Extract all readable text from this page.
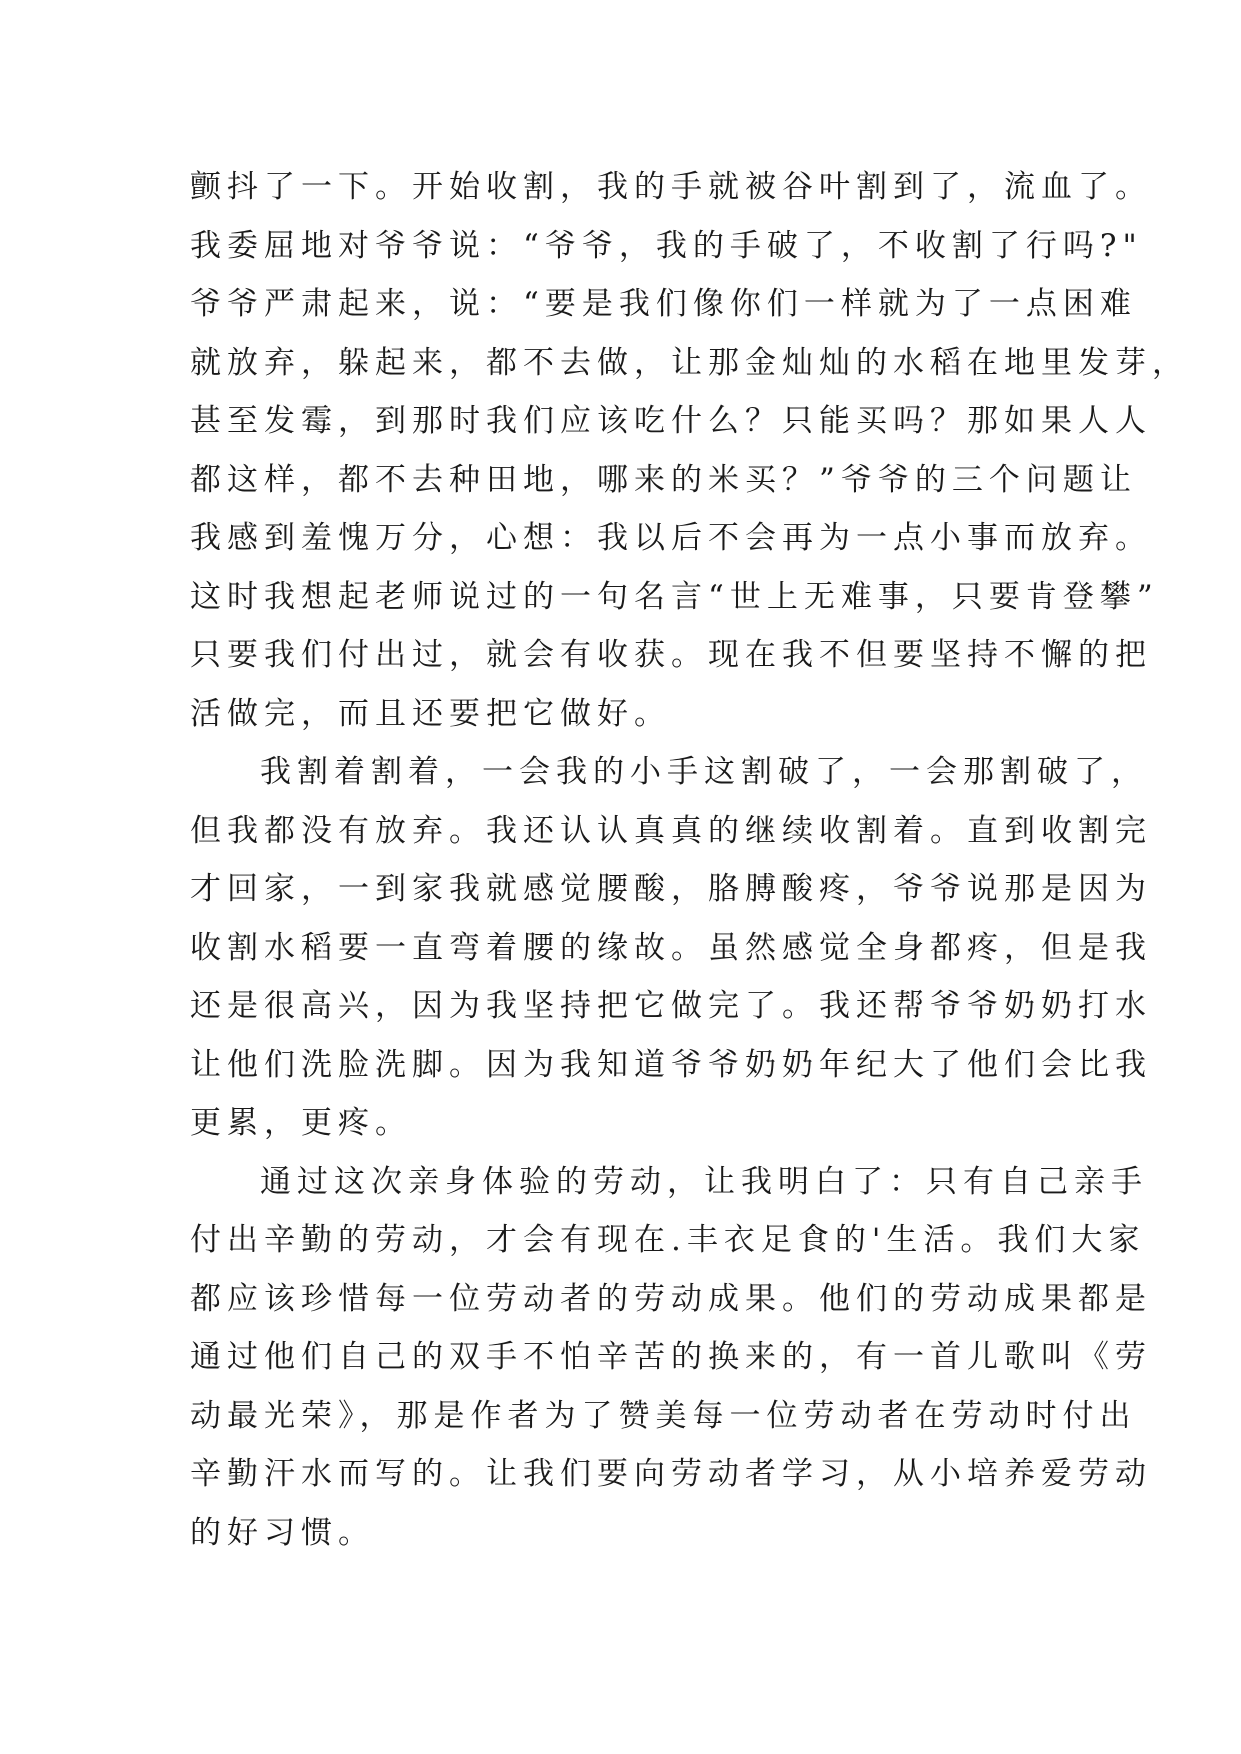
颤抖了一下。开始收割，我的手就被谷叶割到了，流血了。
我委屈地对爷爷说：“爷爷，我的手破了，不收割了行吗?"
爷爷严肃起来，说：“要是我们像你们一样就为了一点困难
就放弃，躲起来，都不去做，让那金灿灿的水稻在地里发芽，
甚至发霉，到那时我们应该吃什么？只能买吗？那如果人人
都这样，都不去种田地，哪来的米买？”爷爷的三个问题让
我感到羞愧万分，心想：我以后不会再为一点小事而放弃。
这时我想起老师说过的一句名言“世上无难事，只要肯登攀”
只要我们付出过，就会有收获。现在我不但要坚持不懈的把
活做完，而且还要把它做好。
我割着割着，一会我的小手这割破了，一会那割破了，
但我都没有放弃。我还认认真真的继续收割着。直到收割完
才回家，一到家我就感觉腰酸，胳膊酸疼，爷爷说那是因为
收割水稻要一直弯着腰的缘故。虽然感觉全身都疼，但是我
还是很高兴，因为我坚持把它做完了。我还帮爷爷奶奶打水
让他们洗脸洗脚。因为我知道爷爷奶奶年纪大了他们会比我
更累，更疼。
通过这次亲身体验的劳动，让我明白了：只有自己亲手
付出辛勤的劳动，才会有现在.丰衣足食的'生活。我们大家
都应该珍惜每一位劳动者的劳动成果。他们的劳动成果都是
通过他们自己的双手不怕辛苦的换来的，有一首儿歌叫《劳
动最光荣》，那是作者为了赞美每一位劳动者在劳动时付出
辛勤汗水而写的。让我们要向劳动者学习，从小培养爱劳动
的好习惯。
